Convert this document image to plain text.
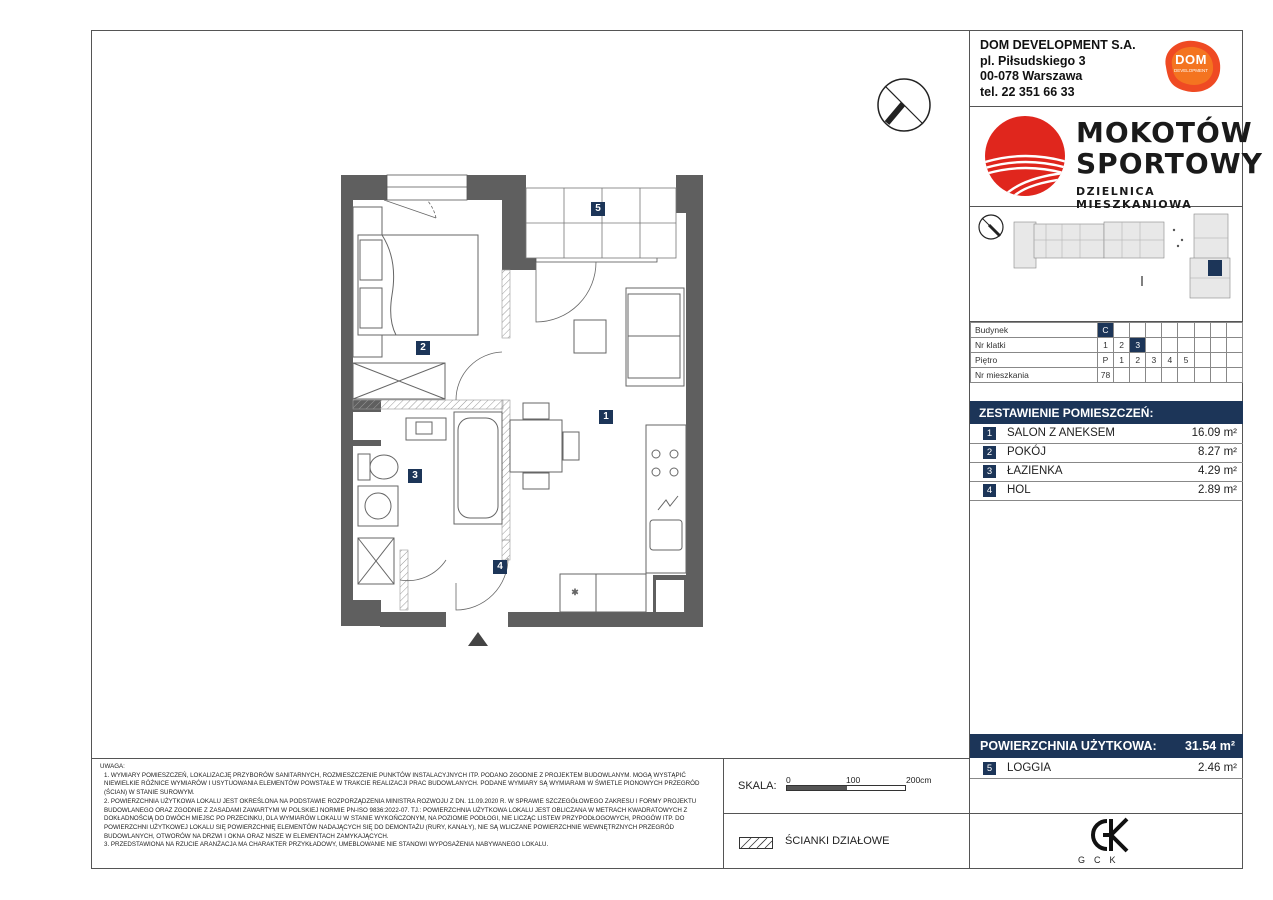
DOM DEVELOPMENT S.A.
pl. Piłsudskiego 3
00-078 Warszawa
tel. 22 351 66 33
DOM
DEVELOPMENT
MOKOTÓW
SPORTOWY
DZIELNICA MIESZKANIOWA
Budynek	C								
Nr klatki	1	2	3						
Piętro	P	1	2	3	4	5			
Nr mieszkania	78								
ZESTAWIENIE POMIESZCZEŃ:
1	SALON Z ANEKSEM	16.09 m²
2	POKÓJ	8.27 m²
3	ŁAZIENKA	4.29 m²
4	HOL	2.89 m²
POWIERZCHNIA UŻYTKOWA: 31.54 m²
5	LOGGIA	2.46 m²
GCK

UWAGA:

1. WYMIARY POMIESZCZEŃ, LOKALIZACJĘ PRZYBORÓW SANITARNYCH, ROZMIESZCZENIE PUNKTÓW INSTALACYJNYCH ITP. PODANO ZGODNIE Z PROJEKTEM BUDOWLANYM. MOGĄ WYSTĄPIĆ NIEWIELKIE RÓŻNICE WYMIARÓW I USYTUOWANIA ELEMENTÓW POWSTAŁE W TRAKCIE REALIZACJI PRAC BUDOWLANYCH. PODANE WYMIARY SĄ WYMIARAMI W ŚWIETLE PIONOWYCH PRZEGRÓD (ŚCIAN) W STANIE SUROWYM.

2. POWIERZCHNIA UŻYTKOWA LOKALU JEST OKREŚLONA NA PODSTAWIE ROZPORZĄDZENIA MINISTRA ROZWOJU Z DN. 11.09.2020 R. W SPRAWIE SZCZEGÓŁOWEGO ZAKRESU I FORMY PROJEKTU BUDOWLANEGO ORAZ ZGODNIE Z ZASADAMI ZAWARTYMI W POLSKIEJ NORMIE PN-ISO 9836:2022-07. TJ.: POWIERZCHNIA UŻYTKOWA LOKALU JEST OBLICZANA W METRACH KWADRATOWYCH Z DOKŁADNOŚCIĄ DO DWÓCH MIEJSC PO PRZECINKU, DLA WYMIARÓW LOKALU W STANIE WYKOŃCZONYM, NA POZIOMIE PODŁOGI, NIE LICZĄC LISTEW PRZYPODŁOGOWYCH, PROGÓW ITP. DO POWIERZCHNI UŻYTKOWEJ LOKALU SIĘ POWIERZCHNIĘ ELEMENTÓW NADAJĄCYCH SIĘ DO DEMONTAŻU (RURY, KANAŁY), NIE SĄ WLICZANE POWIERZCHNIE WEWNĘTRZNYCH PRZEGRÓD BUDOWLANYCH, OTWORÓW NA DRZWI I OKNA ORAZ NISZE W ELEMENTACH ZAMYKAJĄCYCH.

3. PRZEDSTAWIONA NA RZUCIE ARANŻACJA MA CHARAKTER PRZYKŁADOWY, UMEBLOWANIE NIE STANOWI WYPOSAŻENIA NABYWANEGO LOKALU.

SKALA: 0	100	200cm
ŚCIANKI DZIAŁOWE
*
1
2
3
4
5
